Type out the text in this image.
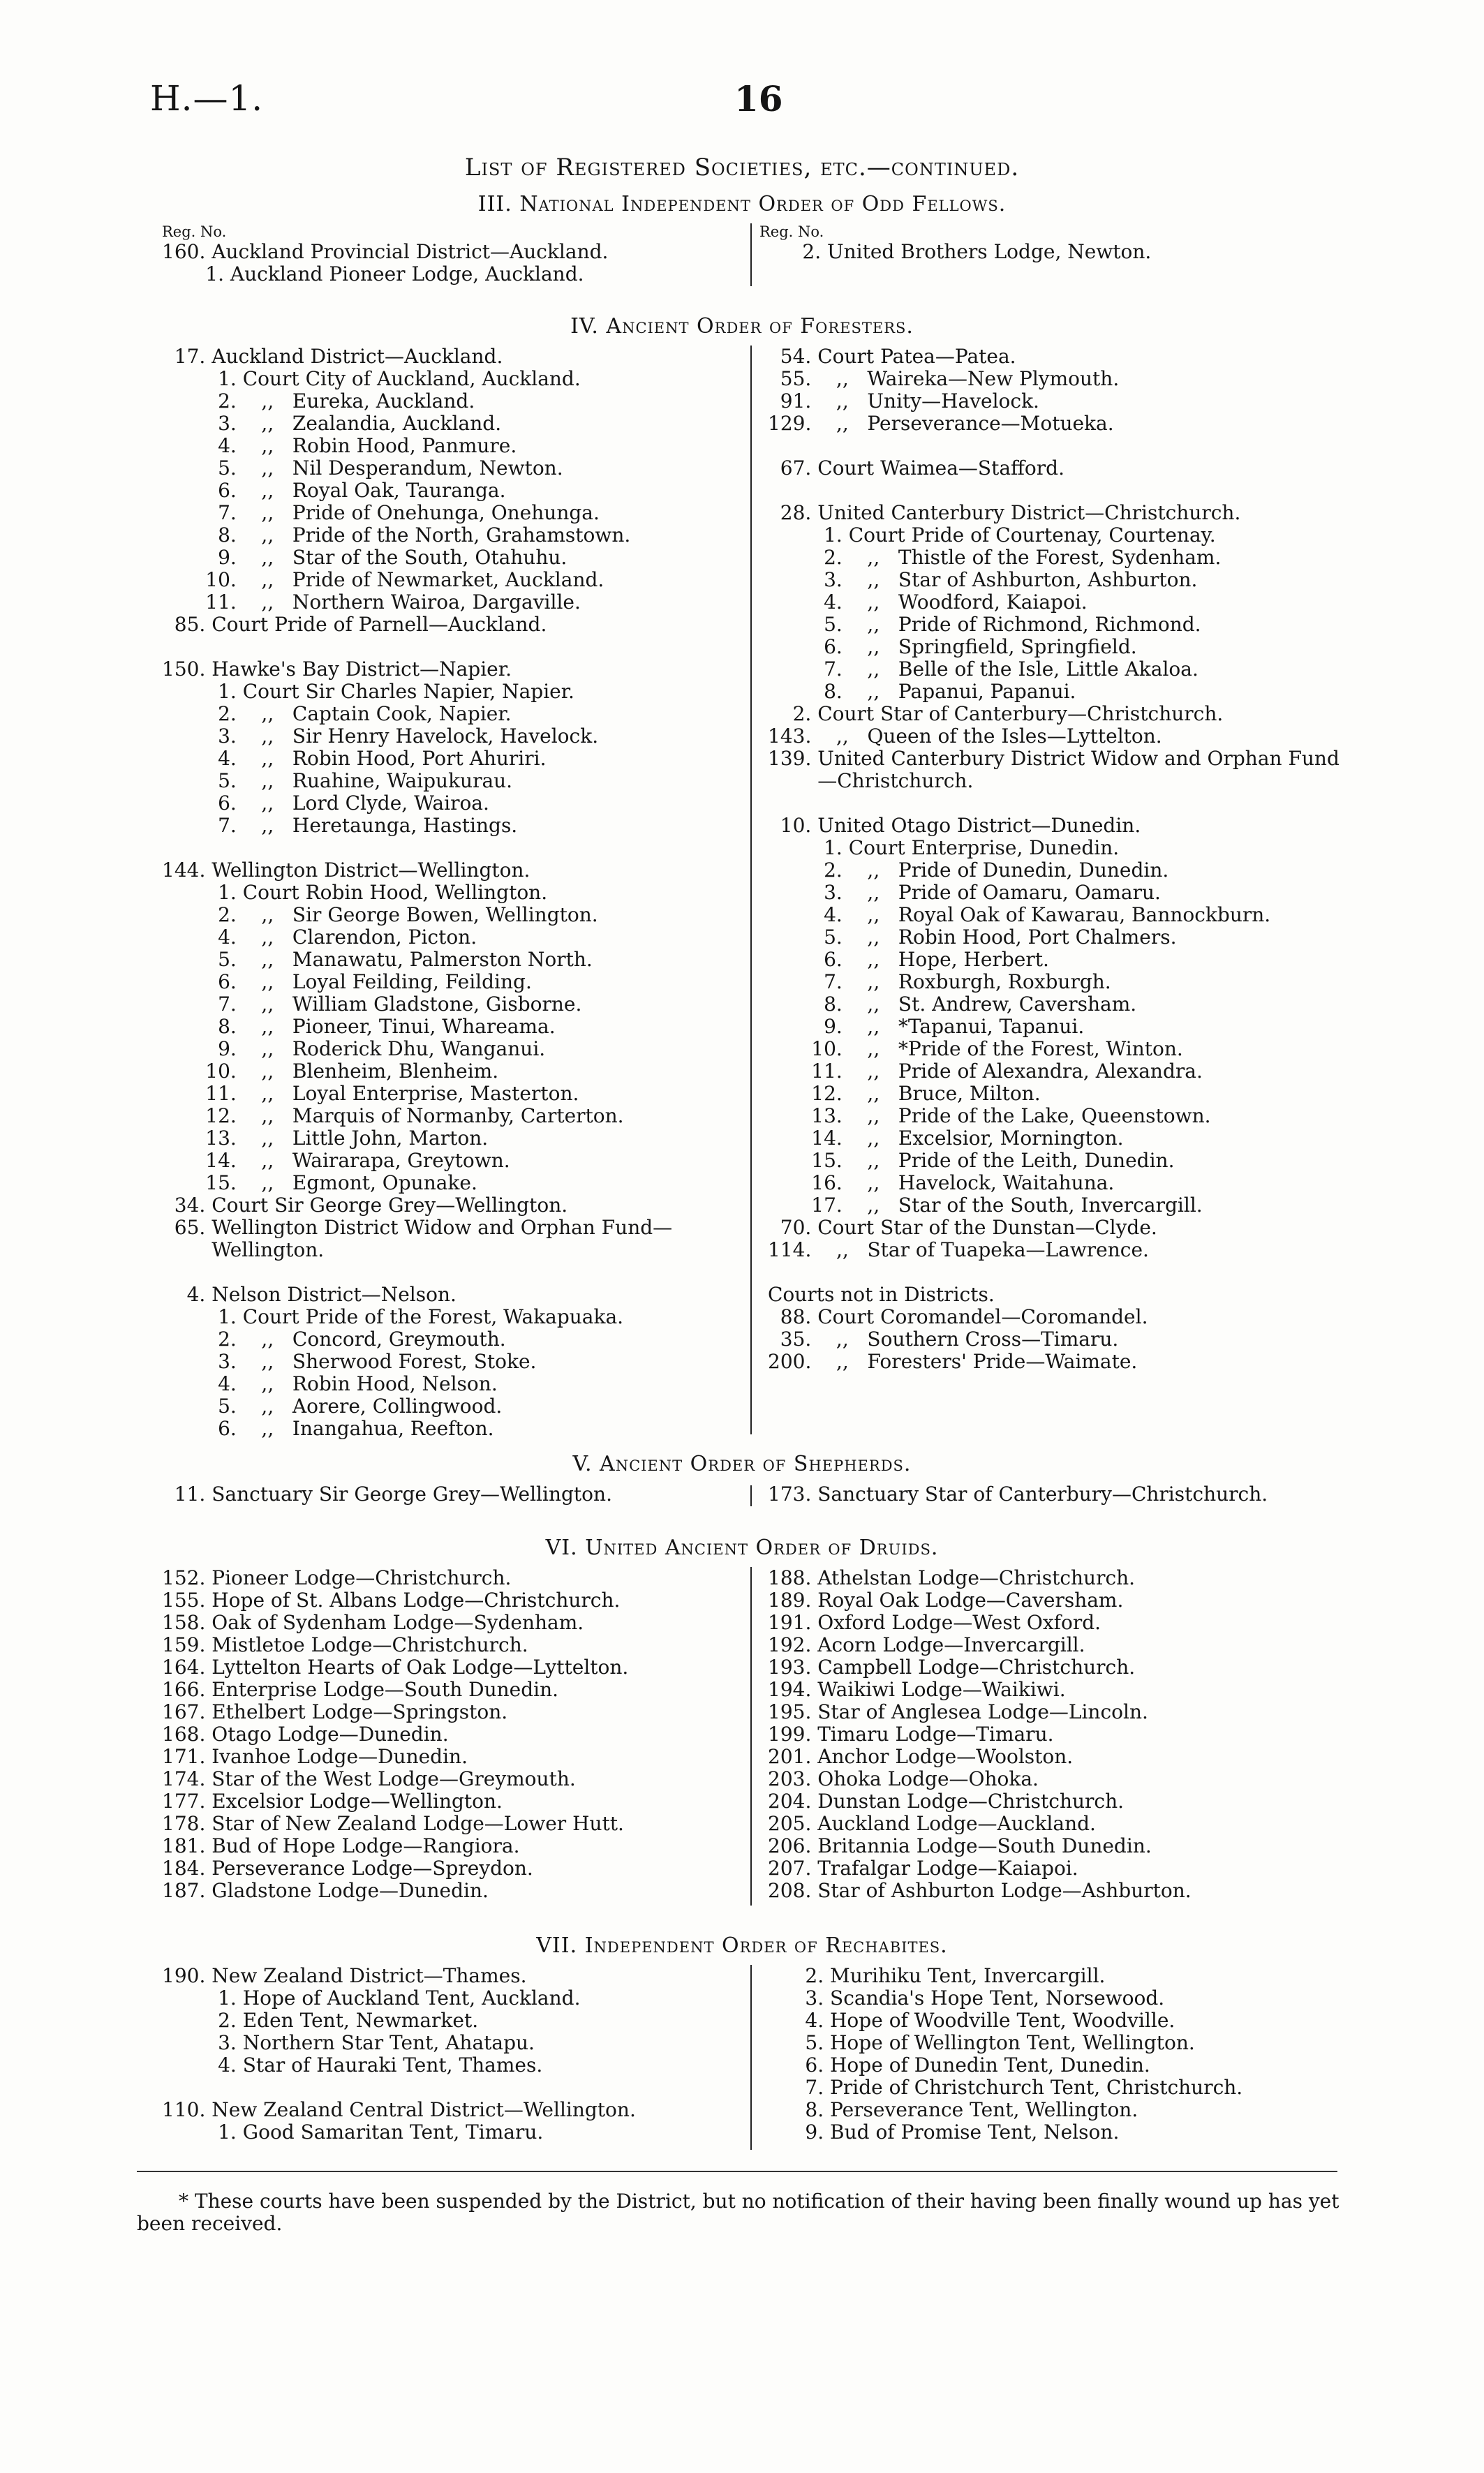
H.—1.	16
List of Registered Societies, etc.—continued.
III. National Independent Order of Odd Fellows.
Reg. No.	Reg. No.
160. Auckland Provincial District—Auckland.
1. Auckland Pioneer Lodge, Auckland.
2. United Brothers Lodge, Newton.
IV. Ancient Order of Foresters.
17. Auckland District—Auckland.
1. Court City of Auckland, Auckland.
2.    ,,   Eureka, Auckland.
3.    ,,   Zealandia, Auckland.
4.    ,,   Robin Hood, Panmure.
5.    ,,   Nil Desperandum, Newton.
6.    ,,   Royal Oak, Tauranga.
7.    ,,   Pride of Onehunga, Onehunga.
8.    ,,   Pride of the North, Grahamstown.
9.    ,,   Star of the South, Otahuhu.
10.    ,,   Pride of Newmarket, Auckland.
11.    ,,   Northern Wairoa, Dargaville.
85. Court Pride of Parnell—Auckland.
150. Hawke's Bay District—Napier.
1. Court Sir Charles Napier, Napier.
2.    ,,   Captain Cook, Napier.
3.    ,,   Sir Henry Havelock, Havelock.
4.    ,,   Robin Hood, Port Ahuriri.
5.    ,,   Ruahine, Waipukurau.
6.    ,,   Lord Clyde, Wairoa.
7.    ,,   Heretaunga, Hastings.
144. Wellington District—Wellington.
1. Court Robin Hood, Wellington.
2.    ,,   Sir George Bowen, Wellington.
4.    ,,   Clarendon, Picton.
5.    ,,   Manawatu, Palmerston North.
6.    ,,   Loyal Feilding, Feilding.
7.    ,,   William Gladstone, Gisborne.
8.    ,,   Pioneer, Tinui, Whareama.
9.    ,,   Roderick Dhu, Wanganui.
10.    ,,   Blenheim, Blenheim.
11.    ,,   Loyal Enterprise, Masterton.
12.    ,,   Marquis of Normanby, Carterton.
13.    ,,   Little John, Marton.
14.    ,,   Wairarapa, Greytown.
15.    ,,   Egmont, Opunake.
34. Court Sir George Grey—Wellington.
65. Wellington District Widow and Orphan Fund—
Wellington.
4. Nelson District—Nelson.
1. Court Pride of the Forest, Wakapuaka.
2.    ,,   Concord, Greymouth.
3.    ,,   Sherwood Forest, Stoke.
4.    ,,   Robin Hood, Nelson.
5.    ,,   Aorere, Collingwood.
6.    ,,   Inangahua, Reefton.
54. Court Patea—Patea.
55.    ,,   Waireka—New Plymouth.
91.    ,,   Unity—Havelock.
129.    ,,   Perseverance—Motueka.
67. Court Waimea—Stafford.
28. United Canterbury District—Christchurch.
1. Court Pride of Courtenay, Courtenay.
2.    ,,   Thistle of the Forest, Sydenham.
3.    ,,   Star of Ashburton, Ashburton.
4.    ,,   Woodford, Kaiapoi.
5.    ,,   Pride of Richmond, Richmond.
6.    ,,   Springfield, Springfield.
7.    ,,   Belle of the Isle, Little Akaloa.
8.    ,,   Papanui, Papanui.
2. Court Star of Canterbury—Christchurch.
143.    ,,   Queen of the Isles—Lyttelton.
139. United Canterbury District Widow and Orphan Fund
—Christchurch.
10. United Otago District—Dunedin.
1. Court Enterprise, Dunedin.
2.    ,,   Pride of Dunedin, Dunedin.
3.    ,,   Pride of Oamaru, Oamaru.
4.    ,,   Royal Oak of Kawarau, Bannockburn.
5.    ,,   Robin Hood, Port Chalmers.
6.    ,,   Hope, Herbert.
7.    ,,   Roxburgh, Roxburgh.
8.    ,,   St. Andrew, Caversham.
9.    ,,   *Tapanui, Tapanui.
10.    ,,   *Pride of the Forest, Winton.
11.    ,,   Pride of Alexandra, Alexandra.
12.    ,,   Bruce, Milton.
13.    ,,   Pride of the Lake, Queenstown.
14.    ,,   Excelsior, Mornington.
15.    ,,   Pride of the Leith, Dunedin.
16.    ,,   Havelock, Waitahuna.
17.    ,,   Star of the South, Invercargill.
70. Court Star of the Dunstan—Clyde.
114.    ,,   Star of Tuapeka—Lawrence.
Courts not in Districts.
88. Court Coromandel—Coromandel.
35.    ,,   Southern Cross—Timaru.
200.    ,,   Foresters' Pride—Waimate.
V. Ancient Order of Shepherds.
11. Sanctuary Sir George Grey—Wellington.	173. Sanctuary Star of Canterbury—Christchurch.
VI. United Ancient Order of Druids.
152. Pioneer Lodge—Christchurch.
155. Hope of St. Albans Lodge—Christchurch.
158. Oak of Sydenham Lodge—Sydenham.
159. Mistletoe Lodge—Christchurch.
164. Lyttelton Hearts of Oak Lodge—Lyttelton.
166. Enterprise Lodge—South Dunedin.
167. Ethelbert Lodge—Springston.
168. Otago Lodge—Dunedin.
171. Ivanhoe Lodge—Dunedin.
174. Star of the West Lodge—Greymouth.
177. Excelsior Lodge—Wellington.
178. Star of New Zealand Lodge—Lower Hutt.
181. Bud of Hope Lodge—Rangiora.
184. Perseverance Lodge—Spreydon.
187. Gladstone Lodge—Dunedin.
188. Athelstan Lodge—Christchurch.
189. Royal Oak Lodge—Caversham.
191. Oxford Lodge—West Oxford.
192. Acorn Lodge—Invercargill.
193. Campbell Lodge—Christchurch.
194. Waikiwi Lodge—Waikiwi.
195. Star of Anglesea Lodge—Lincoln.
199. Timaru Lodge—Timaru.
201. Anchor Lodge—Woolston.
203. Ohoka Lodge—Ohoka.
204. Dunstan Lodge—Christchurch.
205. Auckland Lodge—Auckland.
206. Britannia Lodge—South Dunedin.
207. Trafalgar Lodge—Kaiapoi.
208. Star of Ashburton Lodge—Ashburton.
VII. Independent Order of Rechabites.
190. New Zealand District—Thames.
1. Hope of Auckland Tent, Auckland.
2. Eden Tent, Newmarket.
3. Northern Star Tent, Ahatapu.
4. Star of Hauraki Tent, Thames.
110. New Zealand Central District—Wellington.
1. Good Samaritan Tent, Timaru.
2. Murihiku Tent, Invercargill.
3. Scandia's Hope Tent, Norsewood.
4. Hope of Woodville Tent, Woodville.
5. Hope of Wellington Tent, Wellington.
6. Hope of Dunedin Tent, Dunedin.
7. Pride of Christchurch Tent, Christchurch.
8. Perseverance Tent, Wellington.
9. Bud of Promise Tent, Nelson.
* These courts have been suspended by the District, but no notification of their having been finally wound up has yet been received.
